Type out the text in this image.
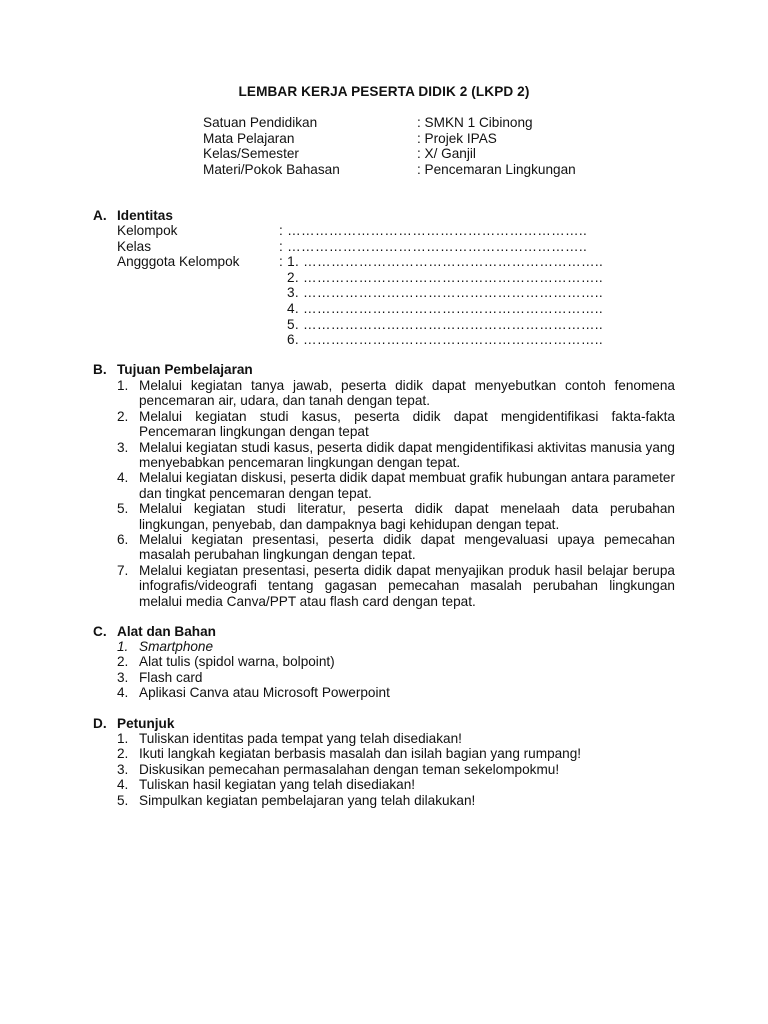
LEMBAR KERJA PESERTA DIDIK 2 (LKPD 2)
Satuan Pendidikan	: SMKN 1 Cibinong
Mata Pelajaran	: Projek IPAS
Kelas/Semester	: X/ Ganjil
Materi/Pokok Bahasan	: Pencemaran Lingkungan
A. Identitas
Kelompok	: ………………………………………………………..
Kelas	: ………………………………………………………..
Angggota Kelompok	: 1. ………………………………………………………..
2. ………………………………………………………..
3. ………………………………………………………..
4. ………………………………………………………..
5. ………………………………………………………..
6. ………………………………………………………..
B. Tujuan Pembelajaran
1. Melalui kegiatan tanya jawab, peserta didik dapat menyebutkan contoh fenomena pencemaran air, udara, dan tanah dengan tepat.
2. Melalui kegiatan studi kasus, peserta didik dapat mengidentifikasi fakta-fakta Pencemaran lingkungan dengan tepat
3. Melalui kegiatan studi kasus, peserta didik dapat mengidentifikasi aktivitas manusia yang menyebabkan pencemaran lingkungan dengan tepat.
4. Melalui kegiatan diskusi, peserta didik dapat membuat grafik hubungan antara parameter dan tingkat pencemaran dengan tepat.
5. Melalui kegiatan studi literatur, peserta didik dapat menelaah data perubahan lingkungan, penyebab, dan dampaknya bagi kehidupan dengan tepat.
6. Melalui kegiatan presentasi, peserta didik dapat mengevaluasi upaya pemecahan masalah perubahan lingkungan dengan tepat.
7. Melalui kegiatan presentasi, peserta didik dapat menyajikan produk hasil belajar berupa infografis/videografi tentang gagasan pemecahan masalah perubahan lingkungan melalui media Canva/PPT atau flash card dengan tepat.
C. Alat dan Bahan
1. Smartphone
2. Alat tulis (spidol warna, bolpoint)
3. Flash card
4. Aplikasi Canva atau Microsoft Powerpoint
D. Petunjuk
1. Tuliskan identitas pada tempat yang telah disediakan!
2. Ikuti langkah kegiatan berbasis masalah dan isilah bagian yang rumpang!
3. Diskusikan pemecahan permasalahan dengan teman sekelompokmu!
4. Tuliskan hasil kegiatan yang telah disediakan!
5. Simpulkan kegiatan pembelajaran yang telah dilakukan!
